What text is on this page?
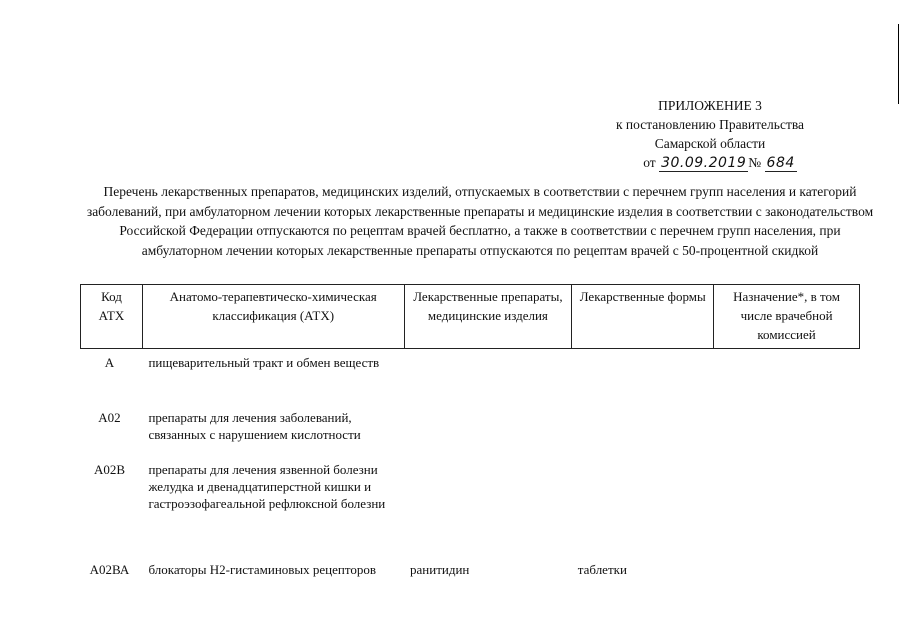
ПРИЛОЖЕНИЕ 3
к постановлению Правительства
Самарской области
от 30.09.2019 № 684
Перечень лекарственных препаратов, медицинских изделий, отпускаемых в соответствии с перечнем групп населения и категорий заболеваний, при амбулаторном лечении которых лекарственные препараты и медицинские изделия в соответствии с законодательством Российской Федерации отпускаются по рецептам врачей бесплатно, а также в соответствии с перечнем групп населения, при амбулаторном лечении которых лекарственные препараты отпускаются по рецептам врачей с 50-процентной скидкой
Код АТХ	Анатомо-терапевтическо-химическая классификация (АТХ)	Лекарственные препараты, медицинские изделия	Лекарственные формы	Назначение*, в том числе врачебной комиссией
А	пищеварительный тракт и обмен веществ			
А02	препараты для лечения заболеваний, связанных с нарушением кислотности			
А02В	препараты для лечения язвенной болезни желудка и двенадцатиперстной кишки и гастроэзофагеальной рефлюксной болезни			
А02ВА	блокаторы Н2-гистаминовых рецепторов	ранитидин	таблетки	
